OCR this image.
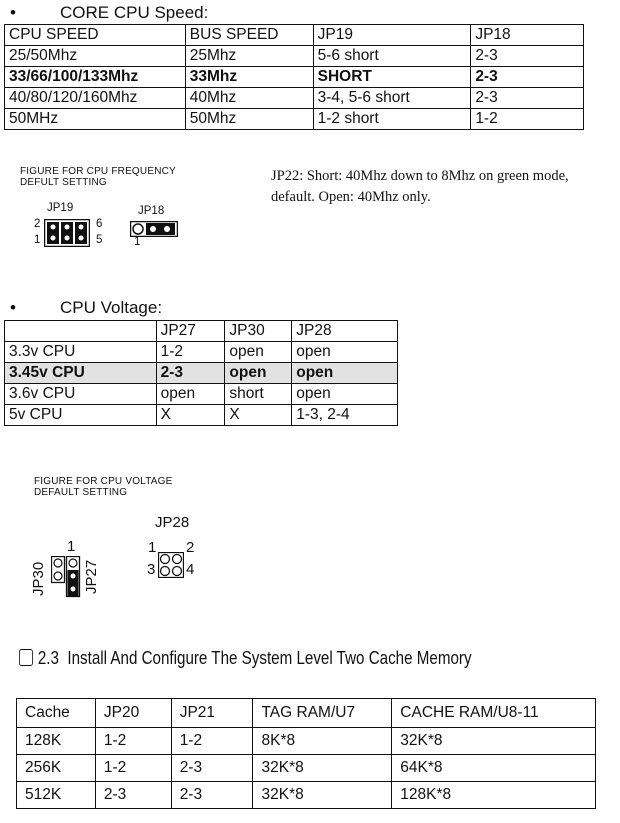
•	CORE CPU Speed:
CPU SPEED	BUS SPEED	JP19	JP18
25/50Mhz	25Mhz	5-6 short	2-3
33/66/100/133Mhz	33Mhz	SHORT	2-3
40/80/120/160Mhz	40Mhz	3-4, 5-6 short	2-3
50MHz	50Mhz	1-2 short	1-2
FIGURE FOR CPU FREQUENCY
DEFULT SETTING
JP19	JP18
2
1
6
5	1
JP22: Short: 40Mhz down to 8Mhz on green mode, default. Open: 40Mhz only.
•	CPU Voltage:
	JP27	JP30	JP28
3.3v CPU	1-2	open	open
3.45v CPU	2-3	open	open
3.6v CPU	open	short	open
5v CPU	X	X	1-3, 2-4
FIGURE FOR CPU VOLTAGE
DEFAULT SETTING
JP28
1 2
3 4
1
JP30 JP27
2.3 Install And Configure The System Level Two Cache Memory
Cache	JP20	JP21	TAG RAM/U7	CACHE RAM/U8-11
128K	1-2	1-2	8K*8	32K*8
256K	1-2	2-3	32K*8	64K*8
512K	2-3	2-3	32K*8	128K*8
